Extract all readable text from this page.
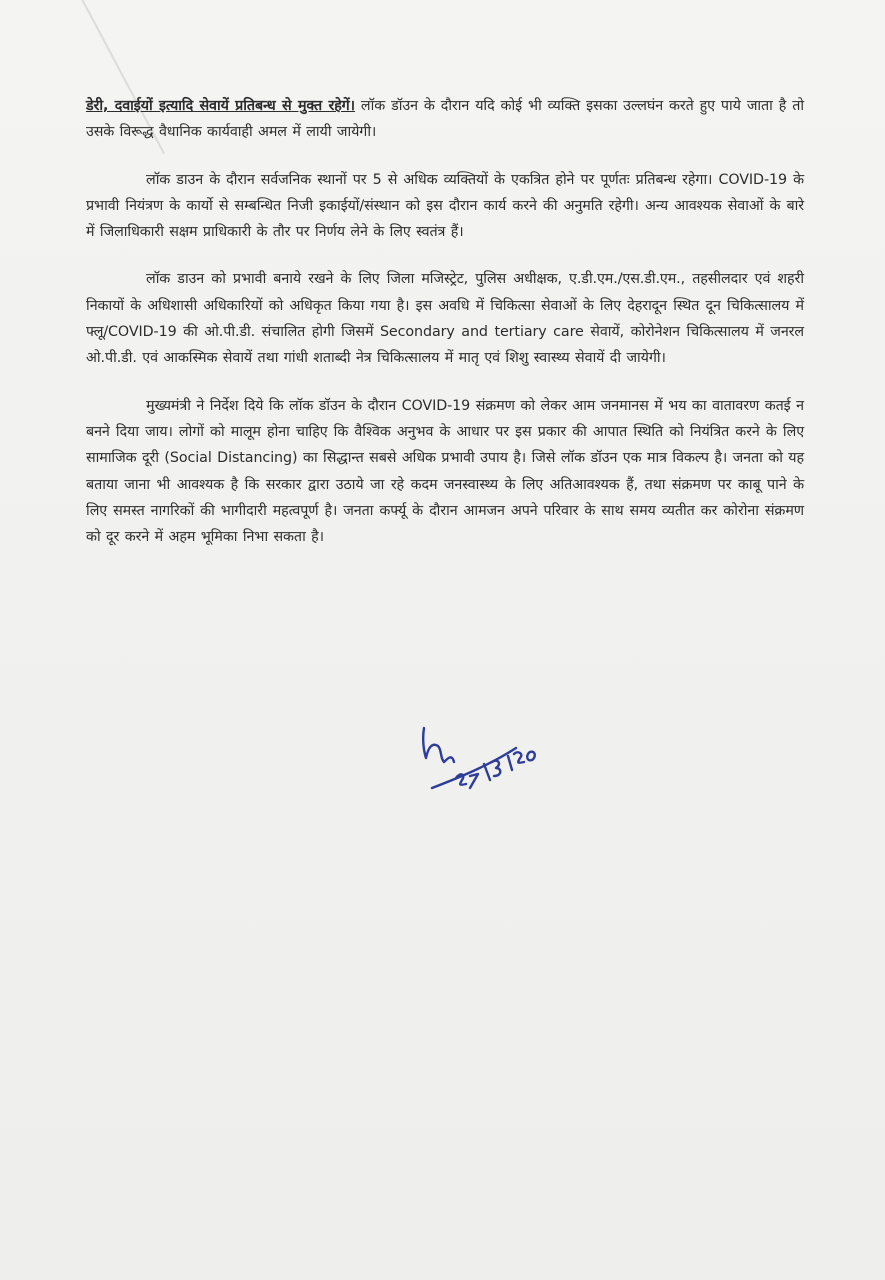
डेरी, दवाईयों इत्यादि सेवायें प्रतिबन्ध से मुक्त रहेगें। लॉक डॉउन के दौरान यदि कोई भी व्यक्ति इसका उल्लघंन करते हुए पाये जाता है तो उसके विरूद्ध वैधानिक कार्यवाही अमल में लायी जायेगी।

लॉक डाउन के दौरान सर्वजनिक स्थानों पर 5 से अधिक व्यक्तियों के एकत्रित होने पर पूर्णतः प्रतिबन्ध रहेगा। COVID-19 के प्रभावी नियंत्रण के कार्यो से सम्बन्धित निजी इकाईयों/संस्थान को इस दौरान कार्य करने की अनुमति रहेगी। अन्य आवश्यक सेवाओं के बारे में जिलाधिकारी सक्षम प्राधिकारी के तौर पर निर्णय लेने के लिए स्वतंत्र हैं।

लॉक डाउन को प्रभावी बनाये रखने के लिए जिला मजिस्ट्रेट, पुलिस अधीक्षक, ए.डी.एम./एस.डी.एम., तहसीलदार एवं शहरी निकायों के अधिशासी अधिकारियों को अधिकृत किया गया है। इस अवधि में चिकित्सा सेवाओं के लिए देहरादून स्थित दून चिकित्सालय में फ्लू/COVID-19 की ओ.पी.डी. संचालित होगी जिसमें Secondary and tertiary care सेवायें, कोरोनेशन चिकित्सालय में जनरल ओ.पी.डी. एवं आकस्मिक सेवायें तथा गांधी शताब्दी नेत्र चिकित्सालय में मातृ एवं शिशु स्वास्थ्य सेवायें दी जायेगी।

मुख्यमंत्री ने निर्देश दिये कि लॉक डॉउन के दौरान COVID-19 संक्रमण को लेकर आम जनमानस में भय का वातावरण कतई न बनने दिया जाय। लोगों को मालूम होना चाहिए कि वैश्विक अनुभव के आधार पर इस प्रकार की आपात स्थिति को नियंत्रित करने के लिए सामाजिक दूरी (Social Distancing) का सिद्धान्त सबसे अधिक प्रभावी उपाय है। जिसे लॉक डॉउन एक मात्र विकल्प है। जनता को यह बताया जाना भी आवश्यक है कि सरकार द्वारा उठाये जा रहे कदम जनस्वास्थ्य के लिए अतिआवश्यक हैं, तथा संक्रमण पर काबू पाने के लिए समस्त नागरिकों की भागीदारी महत्वपूर्ण है। जनता कर्फ्यू के दौरान आमजन अपने परिवार के साथ समय व्यतीत कर कोरोना संक्रमण को दूर करने में अहम भूमिका निभा सकता है।
